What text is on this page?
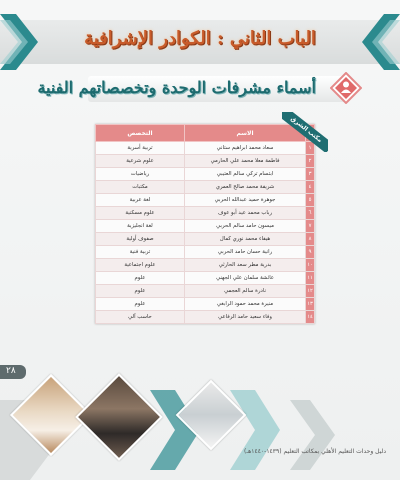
الباب الثاني : الكوادر الإشرافية
أسماء مشرفات الوحدة وتخصصاتهم الفنية
	الاسم	التخصص
١	سعاد محمد ابراهيم ستاني	تربية أسرية
٢	فاطمة معلا محمد علي الحارمي	علوم شرعية
٣	ابتسام تركي سالم العتيبي	رياضيات
٤	شريفة محمد صالح العمري	مكتبات
٥	جوهرة حميد عبدالله الحربي	لغة عربية
٦	رباب محمد عيد أبو عوف	علوم مسكنية
٧	ميسون حامد سالم الحربي	لغة انجليزية
٨	هيفاء محمد نوري كمال	صفوف أولية
٩	رانية حسان حامد الحربي	تربية فنية
١٠	بدرية مطر سعد الحارثي	علوم اجتماعية
١١	عائشة سلمان علي الجهني	علوم
١٢	نادرة سالم العجمي	علوم
١٣	منيرة محمد حمود الرابغي	علوم
١٤	وفاء سعيد حامد الرفاعي	حاسب آلي
مكتب الشرق
٢٨
دليل وحدات التعليم الأهلي بمكاتب التعليم (١٤٣٩-١٤٤٠هـ)
